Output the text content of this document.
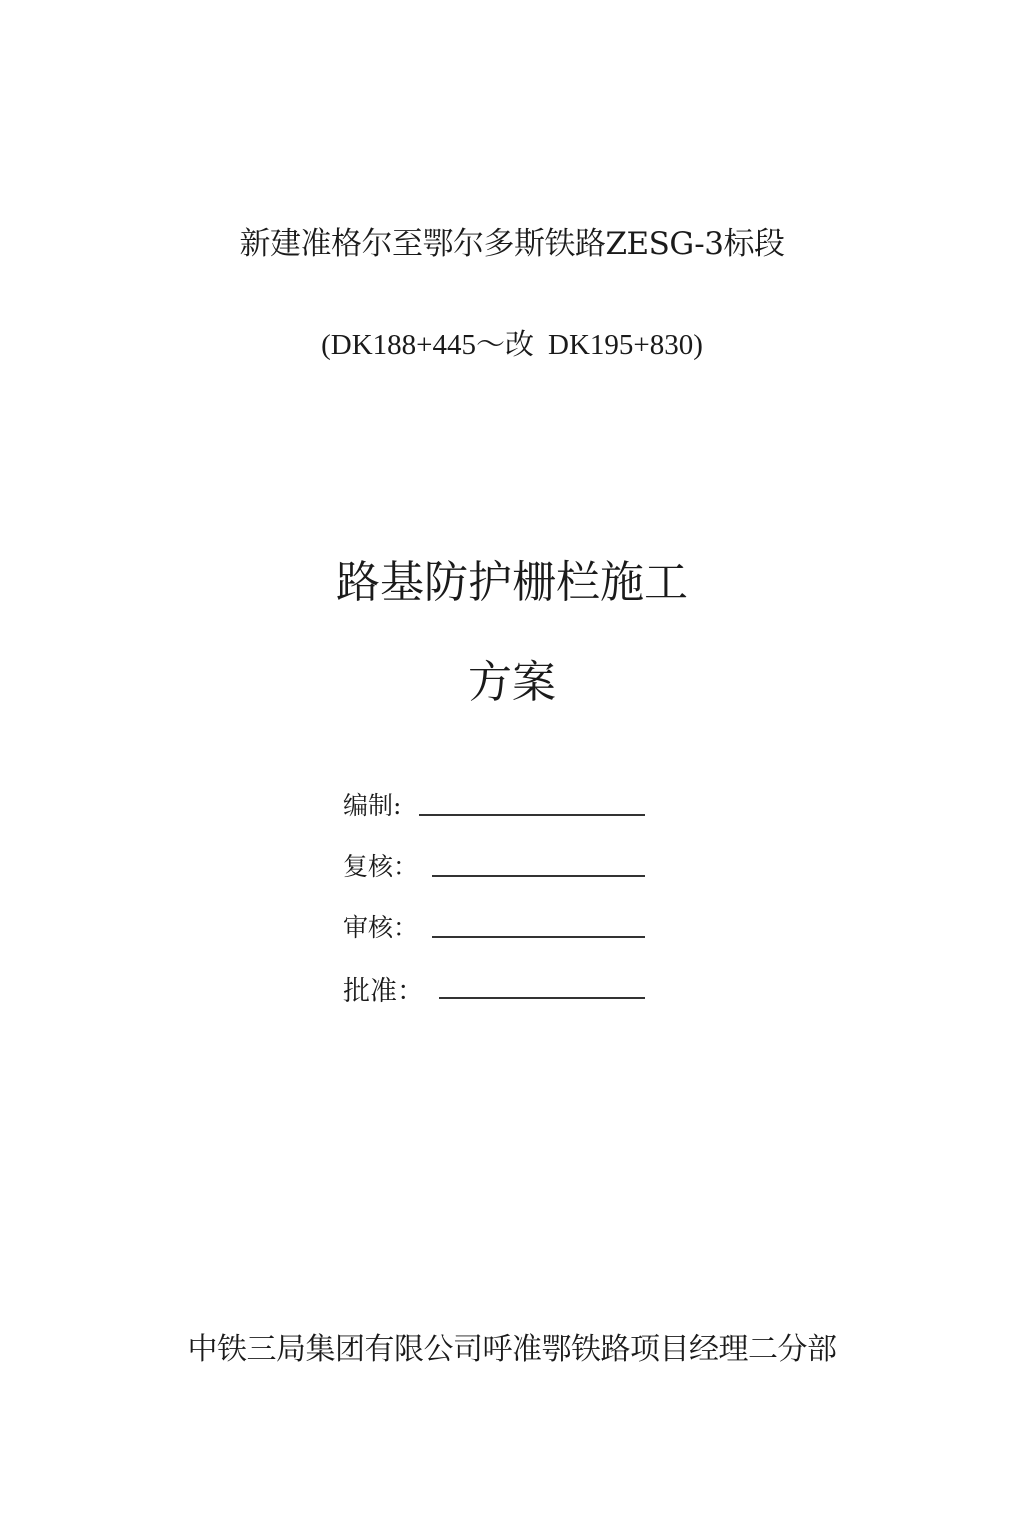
新建准格尔至鄂尔多斯铁路ZESG-3标段
(DK188+445～改 DK195+830)
路基防护栅栏施工
方案
编制:
复核：
审核：
批准：
中铁三局集团有限公司呼准鄂铁路项目经理二分部
